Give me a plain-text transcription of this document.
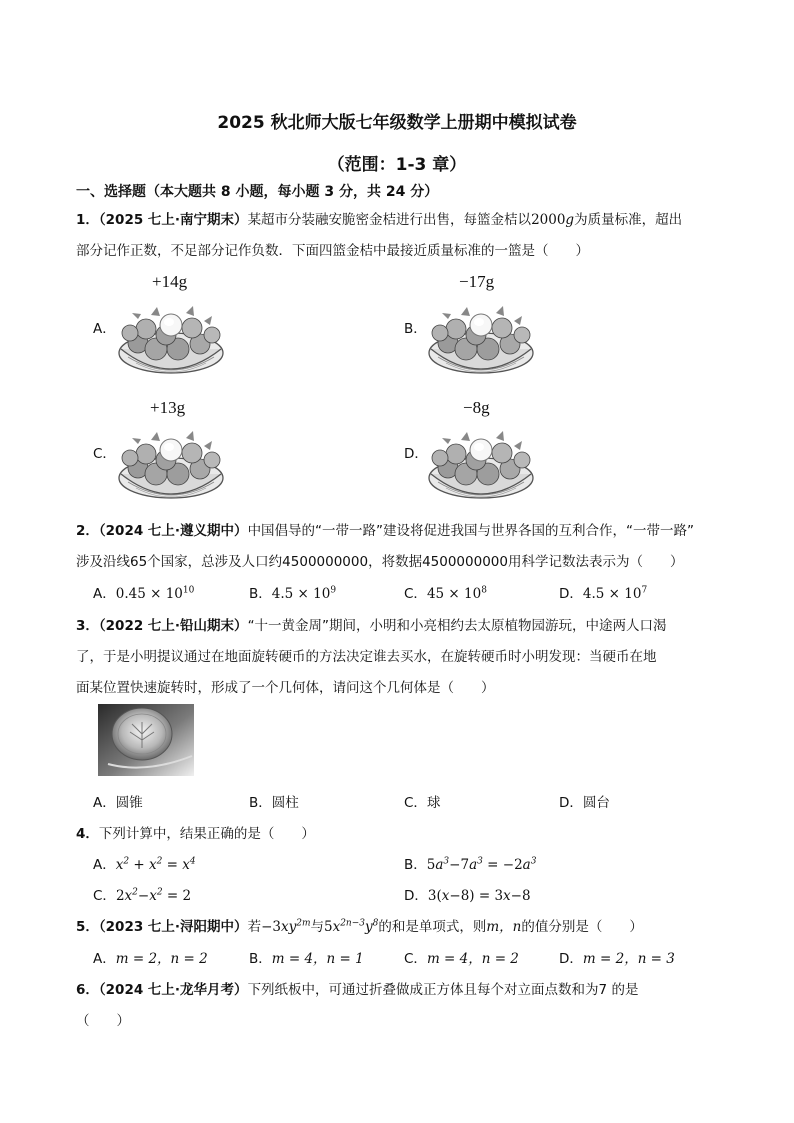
2025 秋北师大版七年级数学上册期中模拟试卷
（范围：1-3 章）
一、选择题（本大题共 8 小题，每小题 3 分，共 24 分）
1．（2025 七上·南宁期末）某超市分装融安脆密金桔进行出售，每篮金桔以2000g为质量标准，超出
部分记作正数，不足部分记作负数．下面四篮金桔中最接近质量标准的一篮是（　　）
A．
+14g
B．
−17g
C．
+13g
D．
−8g
2．（2024 七上·遵义期中）中国倡导的“一带一路”建设将促进我国与世界各国的互利合作，“一带一路”
涉及沿线65个国家，总涉及人口约4500000000，将数据4500000000用科学记数法表示为（　　）
A．$0.45 \times 10^{10}$	B．$4.5 \times 10^9$	C．$45 \times 10^8$	D．$4.5 \times 10^7$
3．（2022 七上·铅山期末）“十一黄金周”期间，小明和小亮相约去太原植物园游玩，中途两人口渴
了，于是小明提议通过在地面旋转硬币的方法决定谁去买水，在旋转硬币时小明发现：当硬币在地
面某位置快速旋转时，形成了一个几何体，请问这个几何体是（　　）
A．圆锥	B．圆柱	C．球	D．圆台
4．下列计算中，结果正确的是（　　）
A．$x^2 + x^2 = x^4$	B．$5a^3-7a^3 = -2a^3$
C．$2x^2-x^2 = 2$	D．3(x−8) = 3x−8
5．（2023 七上·浔阳期中）若$-3xy^{2m}$与$5x^{2n-3}y^8$的和是单项式，则m，n的值分别是（　　）
A．m = 2，n = 2	B．m = 4，n = 1	C．m = 4，n = 2	D．m = 2，n = 3
6．（2024 七上·龙华月考）下列纸板中，可通过折叠做成正方体且每个对立面点数和为7 的是
（　　）
